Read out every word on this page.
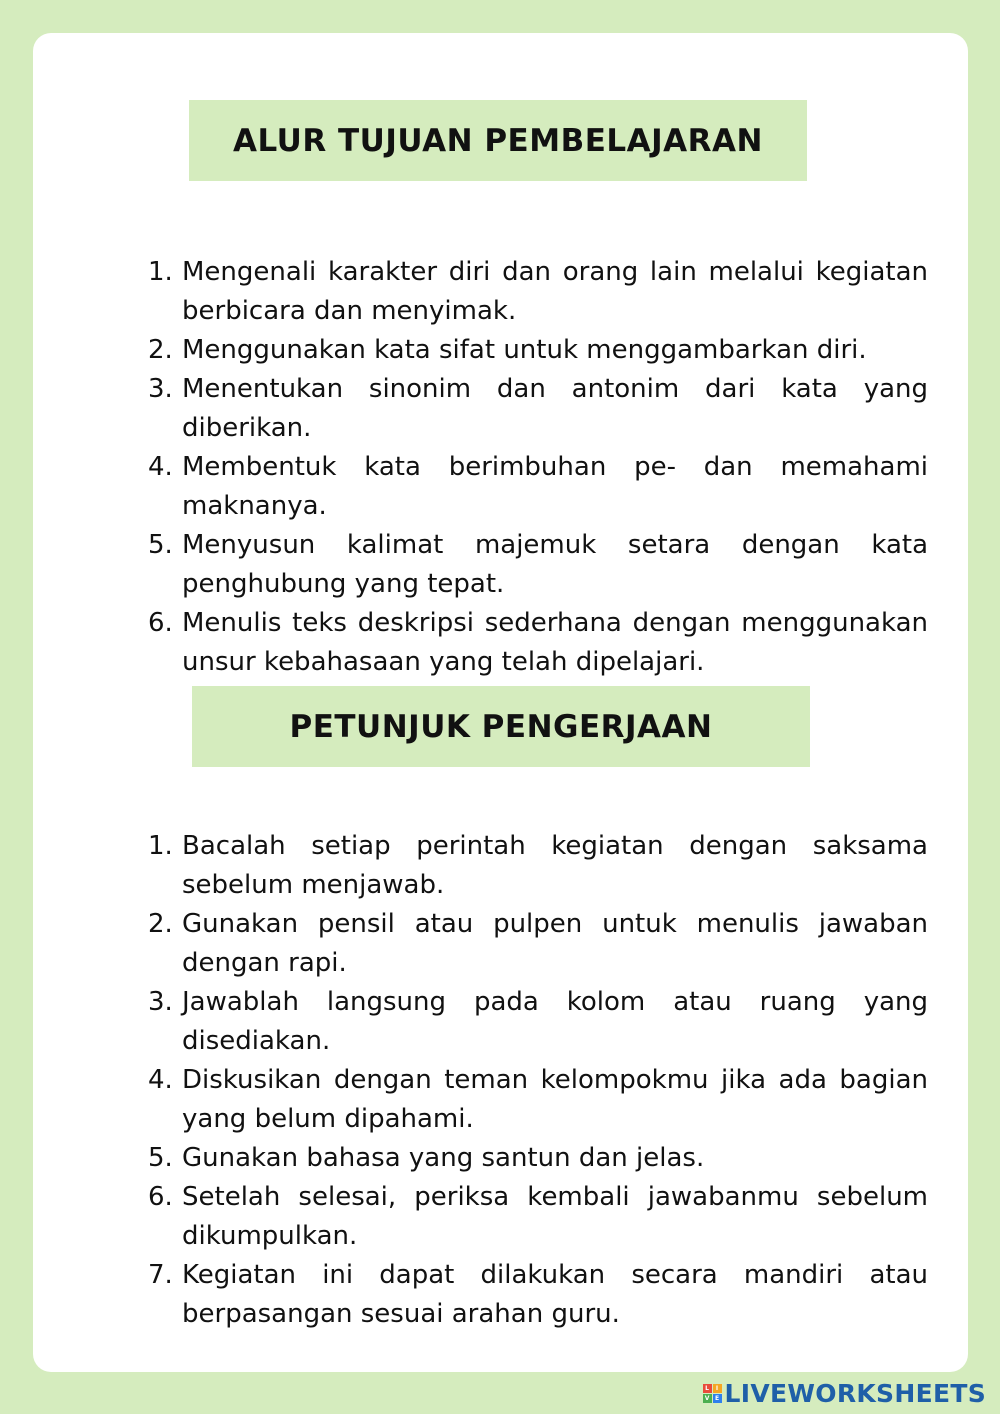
ALUR TUJUAN PEMBELAJARAN
1. Mengenali karakter diri dan orang lain melalui kegiatan berbicara dan menyimak.
2. Menggunakan kata sifat untuk menggambarkan diri.
3. Menentukan sinonim dan antonim dari kata yang diberikan.
4. Membentuk kata berimbuhan pe- dan memahami maknanya.
5. Menyusun kalimat majemuk setara dengan kata penghubung yang tepat.
6. Menulis teks deskripsi sederhana dengan menggunakan unsur kebahasaan yang telah dipelajari.
PETUNJUK PENGERJAAN
1. Bacalah setiap perintah kegiatan dengan saksama sebelum menjawab.
2. Gunakan pensil atau pulpen untuk menulis jawaban dengan rapi.
3. Jawablah langsung pada kolom atau ruang yang disediakan.
4. Diskusikan dengan teman kelompokmu jika ada bagian yang belum dipahami.
5. Gunakan bahasa yang santun dan jelas.
6. Setelah selesai, periksa kembali jawabanmu sebelum dikumpulkan.
7. Kegiatan ini dapat dilakukan secara mandiri atau berpasangan sesuai arahan guru.
L	I
V E LIVEWORKSHEETS
